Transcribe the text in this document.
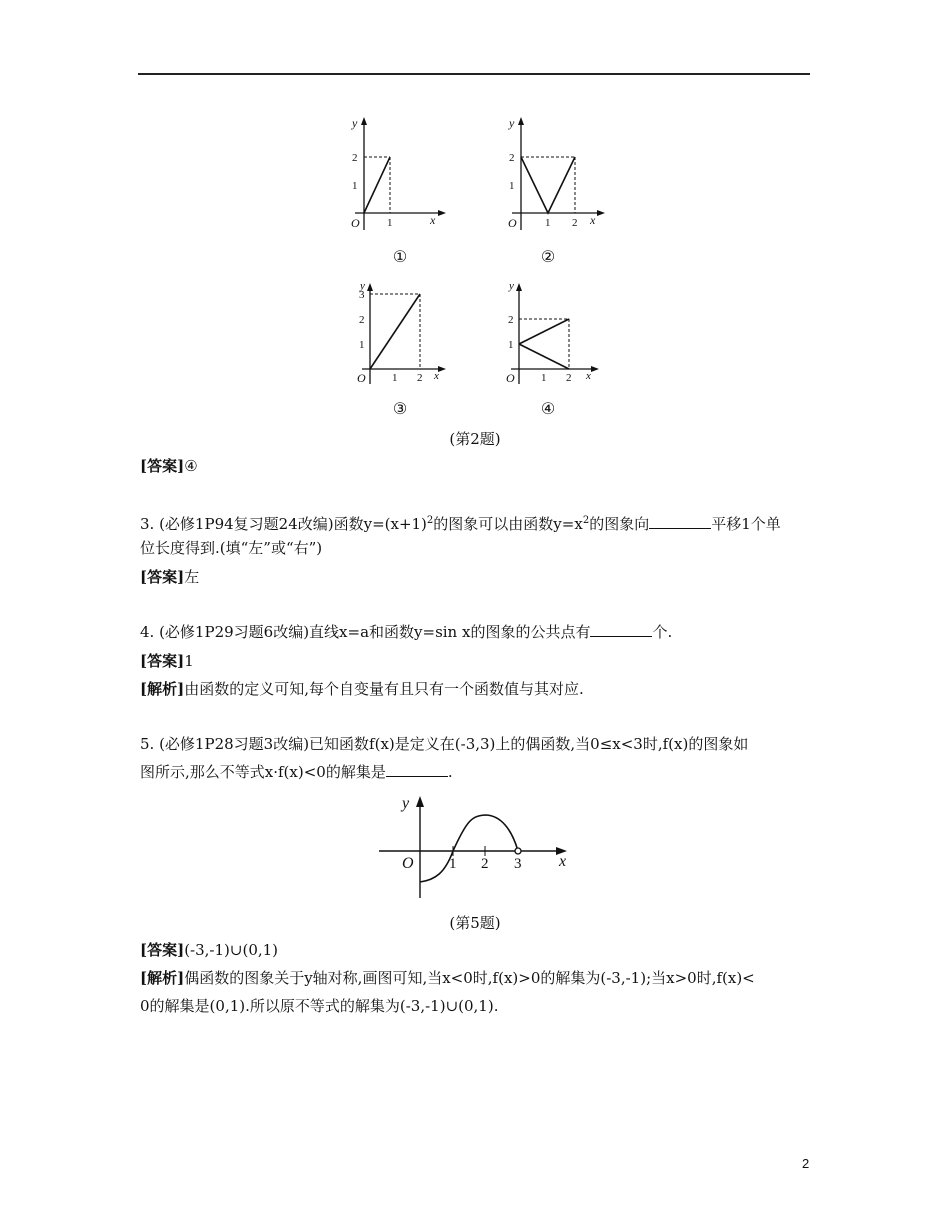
y
x
O 1
1
2
①
y
x
O	1 2
1
2
②
y
x
O 1 2
1
2
3
③
y
x
O 1 2
1
2
④
(第2题)
[答案]④
3. (必修1P94复习题24改编)函数$y=(x+1)^2$的图象可以由函数$y=x^2$的图象向	平移1个单
位长度得到.(填“左”或“右”)
[答案]左
4. (必修1P29习题6改编)直线x=a和函数y=sin x的图象的公共点有	个.
[答案]1
[解析]由函数的定义可知,每个自变量有且只有一个函数值与其对应.
5. (必修1P28习题3改编)已知函数f(x)是定义在(-3,3)上的偶函数,当0≤x<3时,f(x)的图象如
图所示,那么不等式x·f(x)<0的解集是	.
y
x
O 1 2 3
(第5题)
[答案](-3,-1)∪(0,1)
[解析]偶函数的图象关于y轴对称,画图可知,当x<0时,f(x)>0的解集为(-3,-1);当x>0时,f(x)<
0的解集是(0,1).所以原不等式的解集为(-3,-1)∪(0,1).
2
